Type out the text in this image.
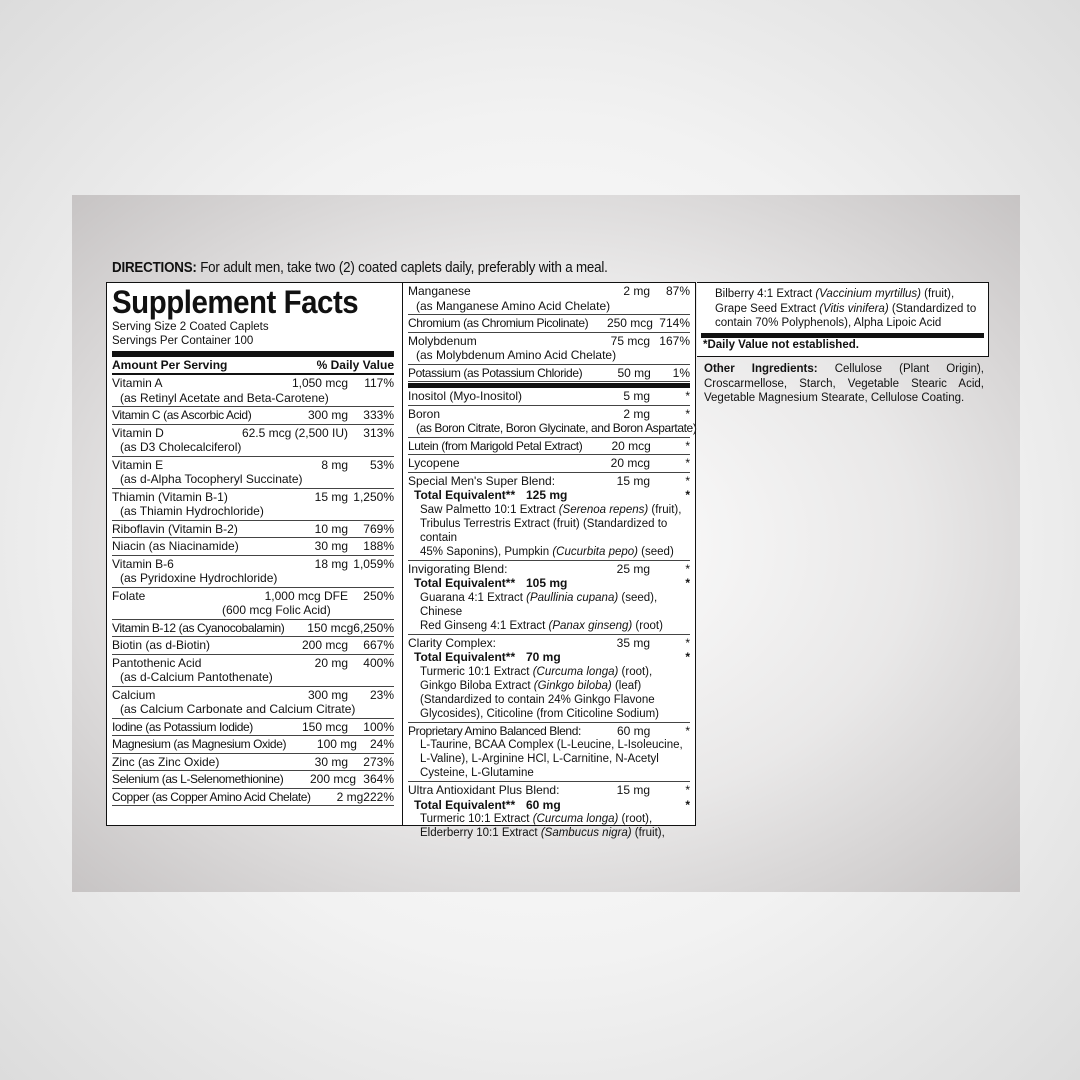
DIRECTIONS: For adult men, take two (2) coated caplets daily, preferably with a meal.
Supplement Facts
Serving Size 2 Coated Caplets
Servings Per Container 100
Amount Per Serving	% Daily Value
Vitamin A	1,050 mcg	117%
(as Retinyl Acetate and Beta-Carotene)
Vitamin C (as Ascorbic Acid)	300 mg	333%
Vitamin D	62.5 mcg (2,500 IU)	313%
(as D3 Cholecalciferol)
Vitamin E	8 mg	53%
(as d-Alpha Tocopheryl Succinate)
Thiamin (Vitamin B-1)	15 mg 1,250%
(as Thiamin Hydrochloride)
Riboflavin (Vitamin B-2)	10 mg	769%
Niacin (as Niacinamide)	30 mg	188%
Vitamin B-6	18 mg 1,059%
(as Pyridoxine Hydrochloride)
Folate	1,000 mcg DFE	250%
(600 mcg Folic Acid)
Vitamin B-12 (as Cyanocobalamin)	150 mcg 6,250%
Biotin (as d-Biotin)	200 mcg	667%
Pantothenic Acid	20 mg	400%
(as d-Calcium Pantothenate)
Calcium	300 mg	23%
(as Calcium Carbonate and Calcium Citrate)
Iodine (as Potassium Iodide)	150 mcg	100%
Magnesium (as Magnesium Oxide)	100 mg	24%
Zinc (as Zinc Oxide)	30 mg	273%
Selenium (as L-Selenomethionine)	200 mcg 364%
Copper (as Copper Amino Acid Chelate)	2 mg 222%
Manganese	2 mg	87%
(as Manganese Amino Acid Chelate)
Chromium (as Chromium Picolinate)	250 mcg 714%
Molybdenum	75 mcg 167%
(as Molybdenum Amino Acid Chelate)
Potassium (as Potassium Chloride)	50 mg	1%
Inositol (Myo-Inositol)	5 mg	*
Boron	2 mg	*
(as Boron Citrate, Boron Glycinate, and Boron Aspartate)
Lutein (from Marigold Petal Extract)	20 mcg	*
Lycopene	20 mcg	*
Special Men's Super Blend:	15 mg	*
Total Equivalent** 125 mg	*
Saw Palmetto 10:1 Extract (Serenoa repens) (fruit),
Tribulus Terrestris Extract (fruit) (Standardized to contain
45% Saponins), Pumpkin (Cucurbita pepo) (seed)
Invigorating Blend:	25 mg	*
Total Equivalent** 105 mg	*
Guarana 4:1 Extract (Paullinia cupana) (seed), Chinese
Red Ginseng 4:1 Extract (Panax ginseng) (root)
Clarity Complex:	35 mg	*
Total Equivalent** 70 mg	*
Turmeric 10:1 Extract (Curcuma longa) (root),
Ginkgo Biloba Extract (Ginkgo biloba) (leaf)
(Standardized to contain 24% Ginkgo Flavone
Glycosides), Citicoline (from Citicoline Sodium)
Proprietary Amino Balanced Blend:	60 mg	*
L-Taurine, BCAA Complex (L-Leucine, L-Isoleucine,
L-Valine), L-Arginine HCl, L-Carnitine, N-Acetyl
Cysteine, L-Glutamine
Ultra Antioxidant Plus Blend:	15 mg	*
Total Equivalent** 60 mg	*
Turmeric 10:1 Extract (Curcuma longa) (root),
Elderberry 10:1 Extract (Sambucus nigra) (fruit),
Bilberry 4:1 Extract (Vaccinium myrtillus) (fruit),
Grape Seed Extract (Vitis vinifera) (Standardized to
contain 70% Polyphenols), Alpha Lipoic Acid
*Daily Value not established.
Other Ingredients: Cellulose (Plant Origin), Croscarmellose, Starch, Vegetable Stearic Acid, Vegetable Magnesium Stearate, Cellulose Coating.
